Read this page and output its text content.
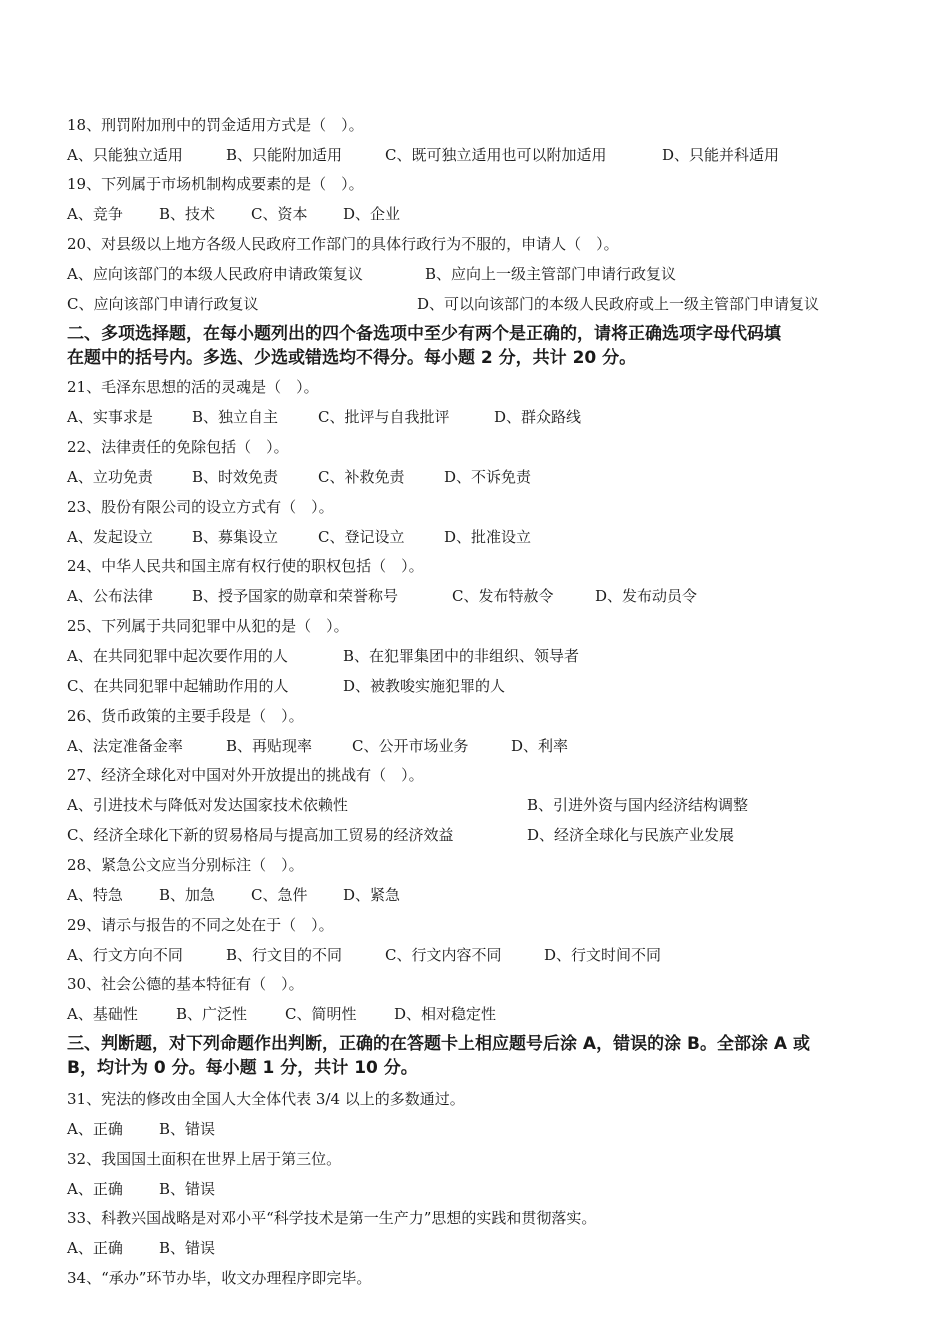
18、刑罚附加刑中的罚金适用方式是（　）。
A、只能独立适用	B、只能附加适用	C、既可独立适用也可以附加适用	D、只能并科适用
19、下列属于市场机制构成要素的是（　）。
A、竞争	B、技术	C、资本	D、企业
20、对县级以上地方各级人民政府工作部门的具体行政行为不服的，申请人（　）。
A、应向该部门的本级人民政府申请政策复议	B、应向上一级主管部门申请行政复议
C、应向该部门申请行政复议	D、可以向该部门的本级人民政府或上一级主管部门申请复议
二、多项选择题，在每小题列出的四个备选项中至少有两个是正确的，请将正确选项字母代码填
在题中的括号内。多选、少选或错选均不得分。每小题 2 分，共计 20 分。
21、毛泽东思想的活的灵魂是（　）。
A、实事求是	B、独立自主	C、批评与自我批评	D、群众路线
22、法律责任的免除包括（　）。
A、立功免责	B、时效免责	C、补救免责	D、不诉免责
23、股份有限公司的设立方式有（　）。
A、发起设立	B、募集设立	C、登记设立	D、批准设立
24、中华人民共和国主席有权行使的职权包括（　）。
A、公布法律	B、授予国家的勋章和荣誉称号	C、发布特赦令	D、发布动员令
25、下列属于共同犯罪中从犯的是（　）。
A、在共同犯罪中起次要作用的人	B、在犯罪集团中的非组织、领导者
C、在共同犯罪中起辅助作用的人	D、被教唆实施犯罪的人
26、货币政策的主要手段是（　）。
A、法定准备金率	B、再贴现率	C、公开市场业务	D、利率
27、经济全球化对中国对外开放提出的挑战有（　）。
A、引进技术与降低对发达国家技术依赖性	B、引进外资与国内经济结构调整
C、经济全球化下新的贸易格局与提高加工贸易的经济效益	D、经济全球化与民族产业发展
28、紧急公文应当分别标注（　）。
A、特急	B、加急	C、急件	D、紧急
29、请示与报告的不同之处在于（　）。
A、行文方向不同	B、行文目的不同	C、行文内容不同	D、行文时间不同
30、社会公德的基本特征有（　）。
A、基础性	B、广泛性	C、简明性	D、相对稳定性
三、判断题，对下列命题作出判断，正确的在答题卡上相应题号后涂 A，错误的涂 B。全部涂 A 或
B，均计为 0 分。每小题 1 分，共计 10 分。
31、宪法的修改由全国人大全体代表 3/4 以上的多数通过。
A、正确	B、错误
32、我国国土面积在世界上居于第三位。
A、正确	B、错误
33、科教兴国战略是对邓小平“科学技术是第一生产力”思想的实践和贯彻落实。
A、正确	B、错误
34、“承办”环节办毕，收文办理程序即完毕。
